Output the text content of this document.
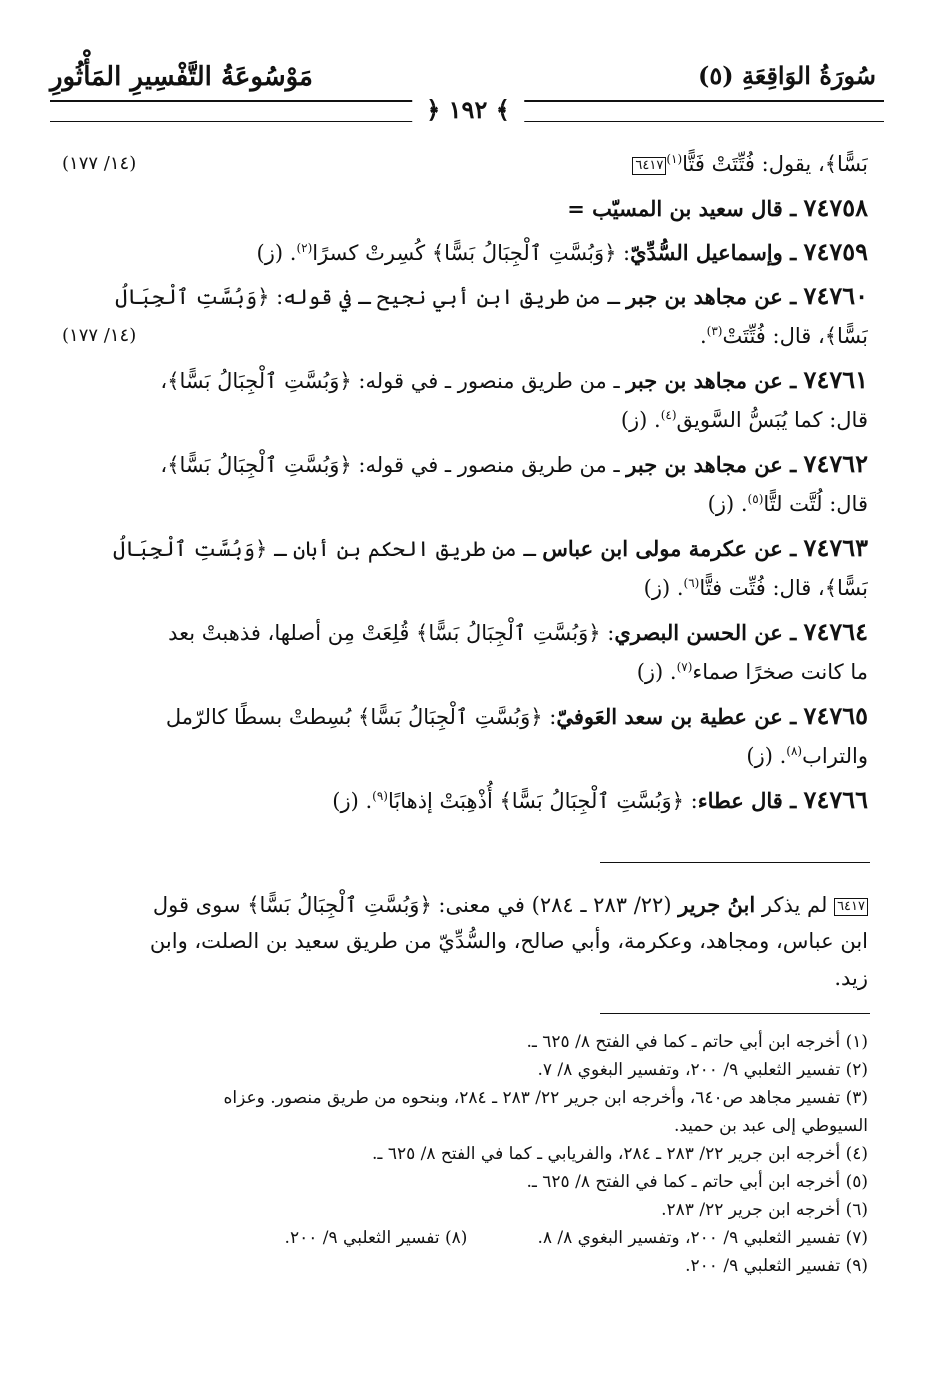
سُورَةُ الوَاقِعَةِ (٥)
مَوْسُوعَةُ التَّفْسِيرِ المَأْثُورِ
﴾ ١٩٢ ﴿
بَسًّا﴾، يقول: فُتِّتَتْ فَتًّا$^{(١)}$٦٤١٧
(١٤/ ١٧٧)
٧٤٧٥٨ ـ قال سعيد بن المسيّب =
٧٤٧٥٩ ـ وإسماعيل السُّدِّيّ: ﴿وَبُسَّتِ ٱلْجِبَالُ بَسًّا﴾ كُسِرتْ كسرًا$^{(٢)}$. (ز)
٧٤٧٦٠ ـ عن مجاهد بن جبر ـ من طريق ابن أبي نجيح ـ في قوله: ﴿وَبُسَّتِ ٱلْجِبَالُ
بَسًّا﴾، قال: فُتِّتَتْ$^{(٣)}$.
(١٤/ ١٧٧)
٧٤٧٦١ ـ عن مجاهد بن جبر ـ من طريق منصور ـ في قوله: ﴿وَبُسَّتِ ٱلْجِبَالُ بَسًّا﴾،
قال: كما يُبَسُّ السَّويق$^{(٤)}$. (ز)
٧٤٧٦٢ ـ عن مجاهد بن جبر ـ من طريق منصور ـ في قوله: ﴿وَبُسَّتِ ٱلْجِبَالُ بَسًّا﴾،
قال: لُتَّت لتًّا$^{(٥)}$. (ز)
٧٤٧٦٣ ـ عن عكرمة مولى ابن عباس ـ من طريق الحكم بن أبان ـ ﴿وَبُسَّتِ ٱلْجِبَالُ
بَسًّا﴾، قال: فُتِّت فتًّا$^{(٦)}$. (ز)
٧٤٧٦٤ ـ عن الحسن البصري: ﴿وَبُسَّتِ ٱلْجِبَالُ بَسًّا﴾ قُلِعَتْ مِن أصلها، فذهبتْ بعد
ما كانت صخرًا صماء$^{(٧)}$. (ز)
٧٤٧٦٥ ـ عن عطية بن سعد العَوفيّ: ﴿وَبُسَّتِ ٱلْجِبَالُ بَسًّا﴾ بُسِطتْ بسطًا كالرّمل
والتراب$^{(٨)}$. (ز)
٧٤٧٦٦ ـ قال عطاء: ﴿وَبُسَّتِ ٱلْجِبَالُ بَسًّا﴾ أُذْهِبَتْ إذهابًا$^{(٩)}$. (ز)
٦٤١٧ لم يذكر ابنُ جرير (٢٢/ ٢٨٣ ـ ٢٨٤) في معنى: ﴿وَبُسَّتِ ٱلْجِبَالُ بَسًّا﴾ سوى قول
ابن عباس، ومجاهد، وعكرمة، وأبي صالح، والسُّدِّيّ من طريق سعيد بن الصلت، وابن
زيد.
(١) أخرجه ابن أبي حاتم ـ كما في الفتح ٨/ ٦٢٥ ـ.
(٢) تفسير الثعلبي ٩/ ٢٠٠، وتفسير البغوي ٨/ ٧.
(٣) تفسير مجاهد ص٦٤٠، وأخرجه ابن جرير ٢٢/ ٢٨٣ ـ ٢٨٤، وبنحوه من طريق منصور. وعزاه
السيوطي إلى عبد بن حميد.
(٤) أخرجه ابن جرير ٢٢/ ٢٨٣ ـ ٢٨٤، والفريابي ـ كما في الفتح ٨/ ٦٢٥ ـ.
(٥) أخرجه ابن أبي حاتم ـ كما في الفتح ٨/ ٦٢٥ ـ.
(٦) أخرجه ابن جرير ٢٢/ ٢٨٣.
(٧) تفسير الثعلبي ٩/ ٢٠٠، وتفسير البغوي ٨/ ٨.
(٨) تفسير الثعلبي ٩/ ٢٠٠.
(٩) تفسير الثعلبي ٩/ ٢٠٠.
